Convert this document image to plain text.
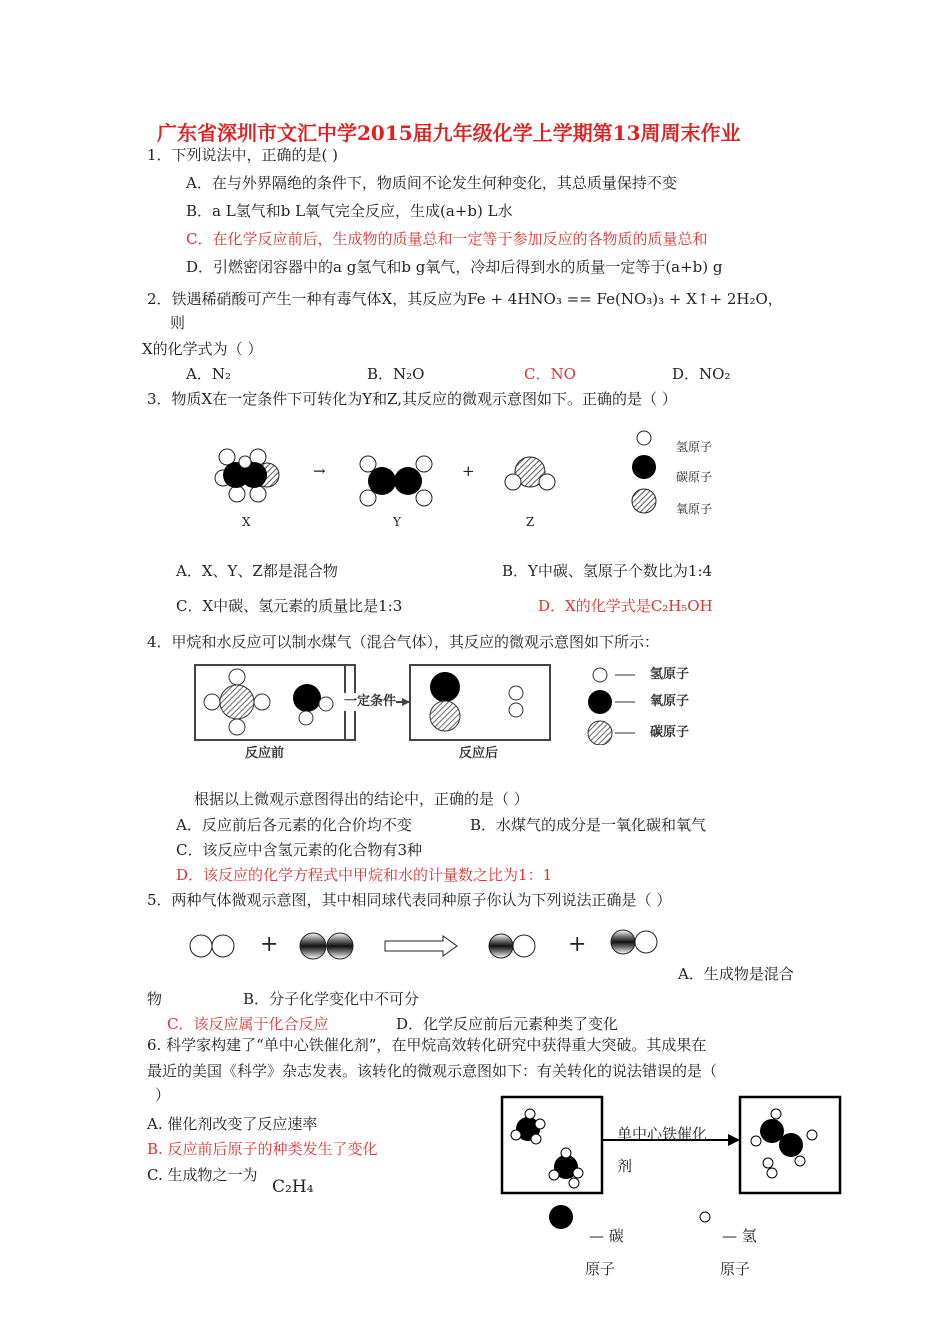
广东省深圳市文汇中学2015届九年级化学上学期第13周周末作业
1．下列说法中，正确的是( )
A．在与外界隔绝的条件下，物质间不论发生何种变化，其总质量保持不变
B．a L氢气和b L氧气完全反应，生成(a+b) L水
C．在化学反应前后，生成物的质量总和一定等于参加反应的各物质的质量总和
D．引燃密闭容器中的a g氢气和b g氧气，冷却后得到水的质量一定等于(a+b) g
2．铁遇稀硝酸可产生一种有毒气体X，其反应为Fe + 4HNO₃ == Fe(NO₃)₃ + X↑+ 2H₂O，
则
X的化学式为（ ）
A．N₂	B．N₂O	C．NO	D．NO₂
3．物质X在一定条件下可转化为Y和Z,其反应的微观示意图如下。正确的是（ ）
→	+
X	Y	Z
氢原子
碳原子
氧原子
A．X、Y、Z都是混合物	B．Y中碳、氢原子个数比为1:4
C．X中碳、氢元素的质量比是1:3	D．X的化学式是C₂H₅OH
4．甲烷和水反应可以制水煤气（混合气体），其反应的微观示意图如下所示：
一定条件
反应前	反应后
氢原子
氧原子
碳原子
根据以上微观示意图得出的结论中，正确的是（ ）
A．反应前后各元素的化合价均不变	B．水煤气的成分是一氧化碳和氧气
C．该反应中含氢元素的化合物有3种
D．该反应的化学方程式中甲烷和水的计量数之比为1：1
5．两种气体微观示意图，其中相同球代表同种原子你认为下列说法正确是（ ）
+	+
A．生成物是混合
物	B．分子化学变化中不可分
C．该反应属于化合反应	D．化学反应前后元素种类了变化
6. 科学家构建了“单中心铁催化剂”，在甲烷高效转化研究中获得重大突破。其成果在
最近的美国《科学》杂志发表。该转化的微观示意图如下：有关转化的说法错误的是（
）
A. 催化剂改变了反应速率
B. 反应前后原子的种类发生了变化
C. 生成物之一为
C₂H₄
单中心铁催化
剂
— 碳
原子
— 氢
原子
